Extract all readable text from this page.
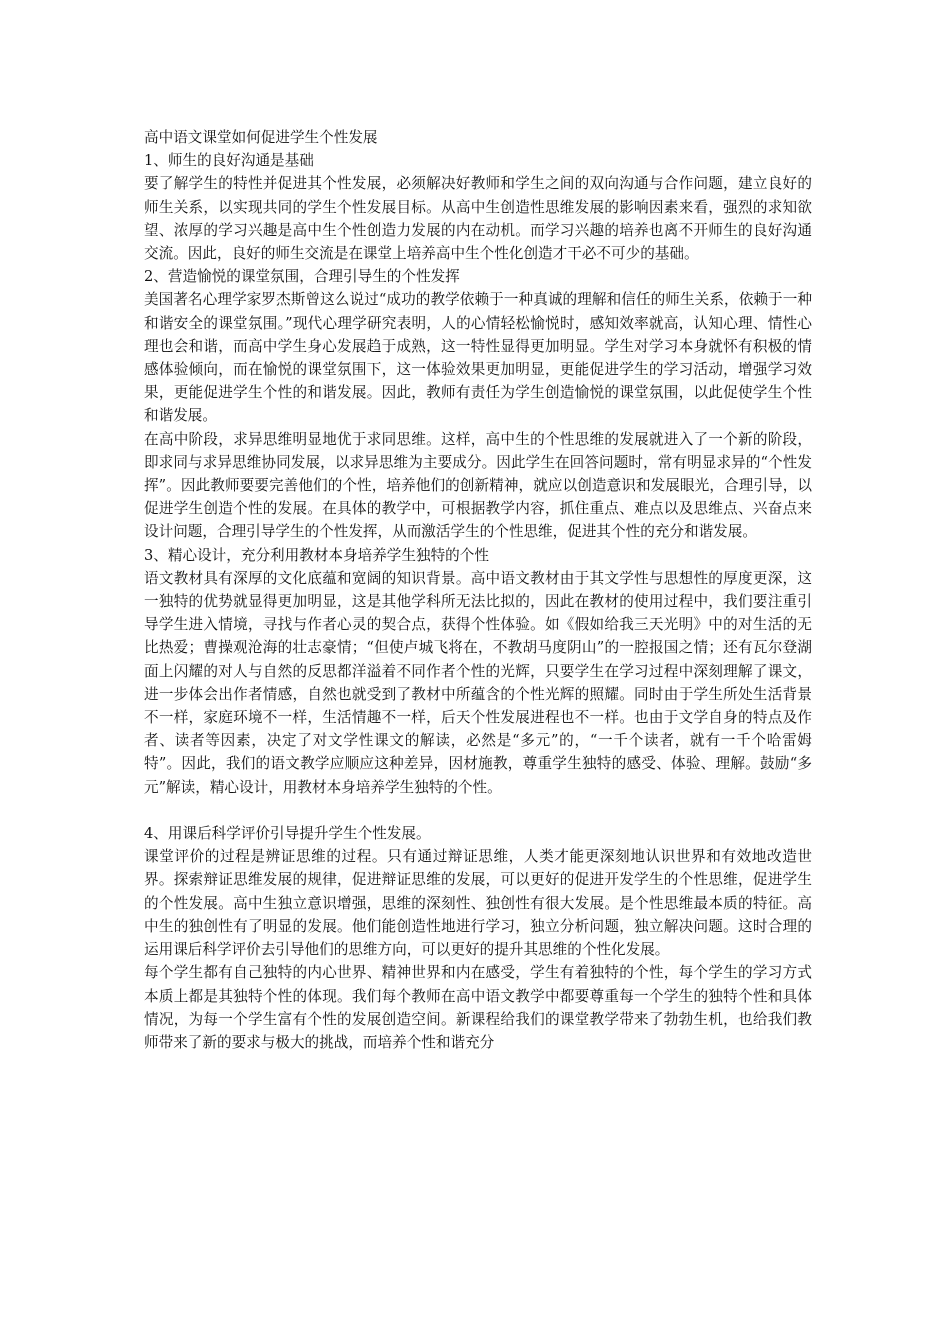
高中语文课堂如何促进学生个性发展

1、师生的良好沟通是基础

要了解学生的特性并促进其个性发展，必须解决好教师和学生之间的双向沟通与合作问题，建立良好的师生关系，以实现共同的学生个性发展目标。从高中生创造性思维发展的影响因素来看，强烈的求知欲望、浓厚的学习兴趣是高中生个性创造力发展的内在动机。而学习兴趣的培养也离不开师生的良好沟通交流。因此，良好的师生交流是在课堂上培养高中生个性化创造才干必不可少的基础。

2、营造愉悦的课堂氛围，合理引导生的个性发挥

美国著名心理学家罗杰斯曾这么说过“成功的教学依赖于一种真诚的理解和信任的师生关系，依赖于一种和谐安全的课堂氛围。”现代心理学研究表明，人的心情轻松愉悦时，感知效率就高，认知心理、情性心理也会和谐，而高中学生身心发展趋于成熟，这一特性显得更加明显。学生对学习本身就怀有积极的情感体验倾向，而在愉悦的课堂氛围下，这一体验效果更加明显，更能促进学生的学习活动，增强学习效果，更能促进学生个性的和谐发展。因此，教师有责任为学生创造愉悦的课堂氛围，以此促使学生个性和谐发展。

在高中阶段，求异思维明显地优于求同思维。这样，高中生的个性思维的发展就进入了一个新的阶段，即求同与求异思维协同发展，以求异思维为主要成分。因此学生在回答问题时，常有明显求异的“个性发挥”。因此教师要要完善他们的个性，培养他们的创新精神，就应以创造意识和发展眼光，合理引导，以促进学生创造个性的发展。在具体的教学中，可根据教学内容，抓住重点、难点以及思维点、兴奋点来设计问题，合理引导学生的个性发挥，从而激活学生的个性思维，促进其个性的充分和谐发展。

3、精心设计，充分利用教材本身培养学生独特的个性

语文教材具有深厚的文化底蕴和宽阔的知识背景。高中语文教材由于其文学性与思想性的厚度更深，这一独特的优势就显得更加明显，这是其他学科所无法比拟的，因此在教材的使用过程中，我们要注重引导学生进入情境，寻找与作者心灵的契合点，获得个性体验。如《假如给我三天光明》中的对生活的无比热爱；曹操观沧海的壮志豪情；“但使卢城飞将在，不教胡马度阴山”的一腔报国之情；还有瓦尔登湖面上闪耀的对人与自然的反思都洋溢着不同作者个性的光辉，只要学生在学习过程中深刻理解了课文，进一步体会出作者情感，自然也就受到了教材中所蕴含的个性光辉的照耀。同时由于学生所处生活背景不一样，家庭环境不一样，生活情趣不一样，后天个性发展进程也不一样。也由于文学自身的特点及作者、读者等因素，决定了对文学性课文的解读，必然是“多元”的，“一千个读者，就有一千个哈雷姆特”。因此，我们的语文教学应顺应这种差异，因材施教，尊重学生独特的感受、体验、理解。鼓励“多元”解读，精心设计，用教材本身培养学生独特的个性。

4、用课后科学评价引导提升学生个性发展。

课堂评价的过程是辨证思维的过程。只有通过辩证思维，人类才能更深刻地认识世界和有效地改造世界。探索辩证思维发展的规律，促进辩证思维的发展，可以更好的促进开发学生的个性思维，促进学生的个性发展。高中生独立意识增强，思维的深刻性、独创性有很大发展。是个性思维最本质的特征。高中生的独创性有了明显的发展。他们能创造性地进行学习，独立分析问题，独立解决问题。这时合理的运用课后科学评价去引导他们的思维方向，可以更好的提升其思维的个性化发展。

每个学生都有自己独特的内心世界、精神世界和内在感受，学生有着独特的个性，每个学生的学习方式本质上都是其独特个性的体现。我们每个教师在高中语文教学中都要尊重每一个学生的独特个性和具体情况，为每一个学生富有个性的发展创造空间。新课程给我们的课堂教学带来了勃勃生机，也给我们教师带来了新的要求与极大的挑战，而培养个性和谐充分
